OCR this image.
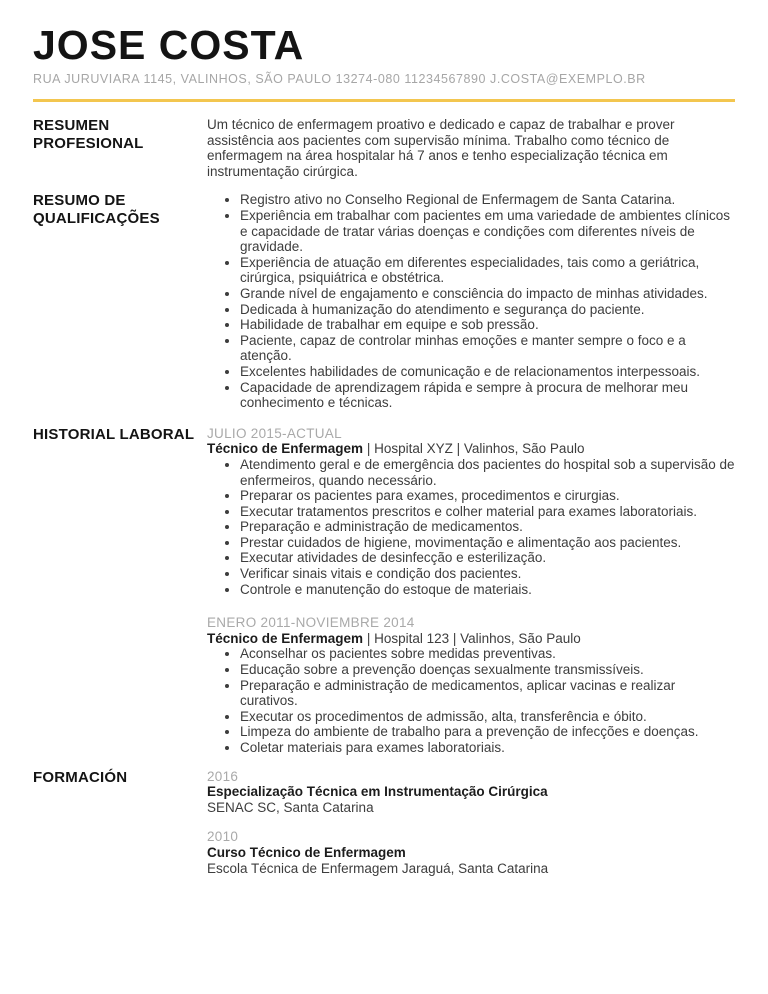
JOSE COSTA
RUA JURUVIARA 1145, VALINHOS, SÃO PAULO 13274-080 11234567890 J.COSTA@EXEMPLO.BR
RESUMEN
PROFESIONAL

Um técnico de enfermagem proativo e dedicado e capaz de trabalhar e prover assistência aos pacientes com supervisão mínima. Trabalho como técnico de enfermagem na área hospitalar há 7 anos e tenho especialização técnica em instrumentação cirúrgica.

RESUMO DE
QUALIFICAÇÕES
• Registro ativo no Conselho Regional de Enfermagem de Santa Catarina.
• Experiência em trabalhar com pacientes em uma variedade de ambientes clínicos e capacidade de tratar várias doenças e condições com diferentes níveis de gravidade.
• Experiência de atuação em diferentes especialidades, tais como a geriátrica, cirúrgica, psiquiátrica e obstétrica.
• Grande nível de engajamento e consciência do impacto de minhas atividades.
• Dedicada à humanização do atendimento e segurança do paciente.
• Habilidade de trabalhar em equipe e sob pressão.
• Paciente, capaz de controlar minhas emoções e manter sempre o foco e a atenção.
• Excelentes habilidades de comunicação e de relacionamentos interpessoais.
• Capacidade de aprendizagem rápida e sempre à procura de melhorar meu conhecimento e técnicas.
HISTORIAL LABORAL JULIO 2015-ACTUAL
Técnico de Enfermagem | Hospital XYZ | Valinhos, São Paulo
• Atendimento geral e de emergência dos pacientes do hospital sob a supervisão de enfermeiros, quando necessário.
• Preparar os pacientes para exames, procedimentos e cirurgias.
• Executar tratamentos prescritos e colher material para exames laboratoriais.
• Preparação e administração de medicamentos.
• Prestar cuidados de higiene, movimentação e alimentação aos pacientes.
• Executar atividades de desinfecção e esterilização.
• Verificar sinais vitais e condição dos pacientes.
• Controle e manutenção do estoque de materiais.
ENERO 2011-NOVIEMBRE 2014
Técnico de Enfermagem | Hospital 123 | Valinhos, São Paulo
• Aconselhar os pacientes sobre medidas preventivas.
• Educação sobre a prevenção doenças sexualmente transmissíveis.
• Preparação e administração de medicamentos, aplicar vacinas e realizar curativos.
• Executar os procedimentos de admissão, alta, transferência e óbito.
• Limpeza do ambiente de trabalho para a prevenção de infecções e doenças.
• Coletar materiais para exames laboratoriais.
FORMACIÓN	2016
Especialização Técnica em Instrumentação Cirúrgica
SENAC SC, Santa Catarina
2010
Curso Técnico de Enfermagem
Escola Técnica de Enfermagem Jaraguá, Santa Catarina
